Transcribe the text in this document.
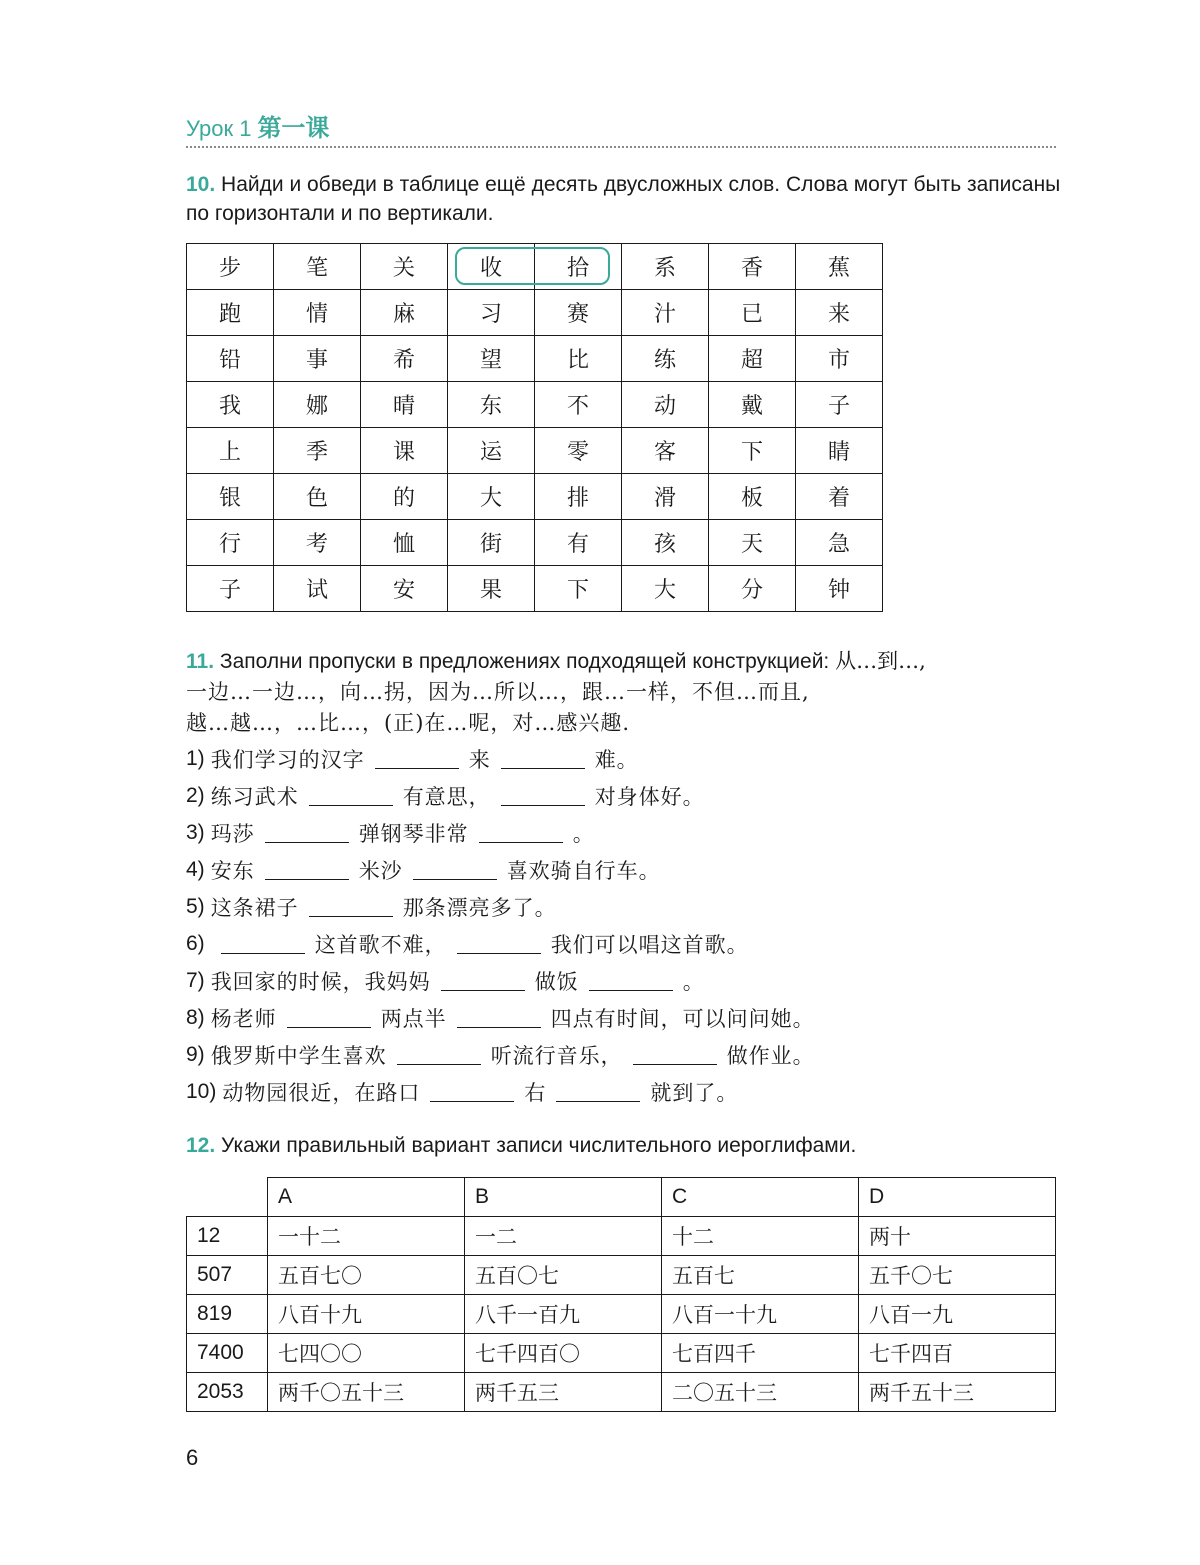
Урок 1 第一课
10. Найди и обведи в таблице ещё десять двусложных слов. Слова могут быть записаны по горизонтали и по вертикали.
步	笔	关	收	拾	系	香	蕉
跑	情	麻	习	赛	汁	已	来
铅	事	希	望	比	练	超	市
我	娜	晴	东	不	动	戴	子
上	季	课	运	零	客	下	睛
银	色	的	大	排	滑	板	着
行	考	恤	街	有	孩	天	急
子	试	安	果	下	大	分	钟
11. Заполни пропуски в предложениях подходящей конструкцией: 从…到…,
一边…一边…，向…拐，因为…所以…，跟…一样，不但…而且,
越…越…，…比…，(正)在…呢，对…感兴趣.
1) 我们学习的汉字	来	难。
2) 练习武术	有意思，	对身体好。
3) 玛莎	弹钢琴非常	。
4) 安东	米沙	喜欢骑自行车。
5) 这条裙子	那条漂亮多了。
6)	这首歌不难，	我们可以唱这首歌。
7) 我回家的时候，我妈妈	做饭	。
8) 杨老师	两点半	四点有时间，可以问问她。
9) 俄罗斯中学生喜欢	听流行音乐，	做作业。
10) 动物园很近，在路口	右	就到了。
12. Укажи правильный вариант записи числительного иероглифами.
	A	B	C	D
12	一十二	一二	十二	两十
507	五百七〇	五百〇七	五百七	五千〇七
819	八百十九	八千一百九	八百一十九	八百一九
7400	七四〇〇	七千四百〇	七百四千	七千四百
2053	两千〇五十三	两千五三	二〇五十三	两千五十三
6
